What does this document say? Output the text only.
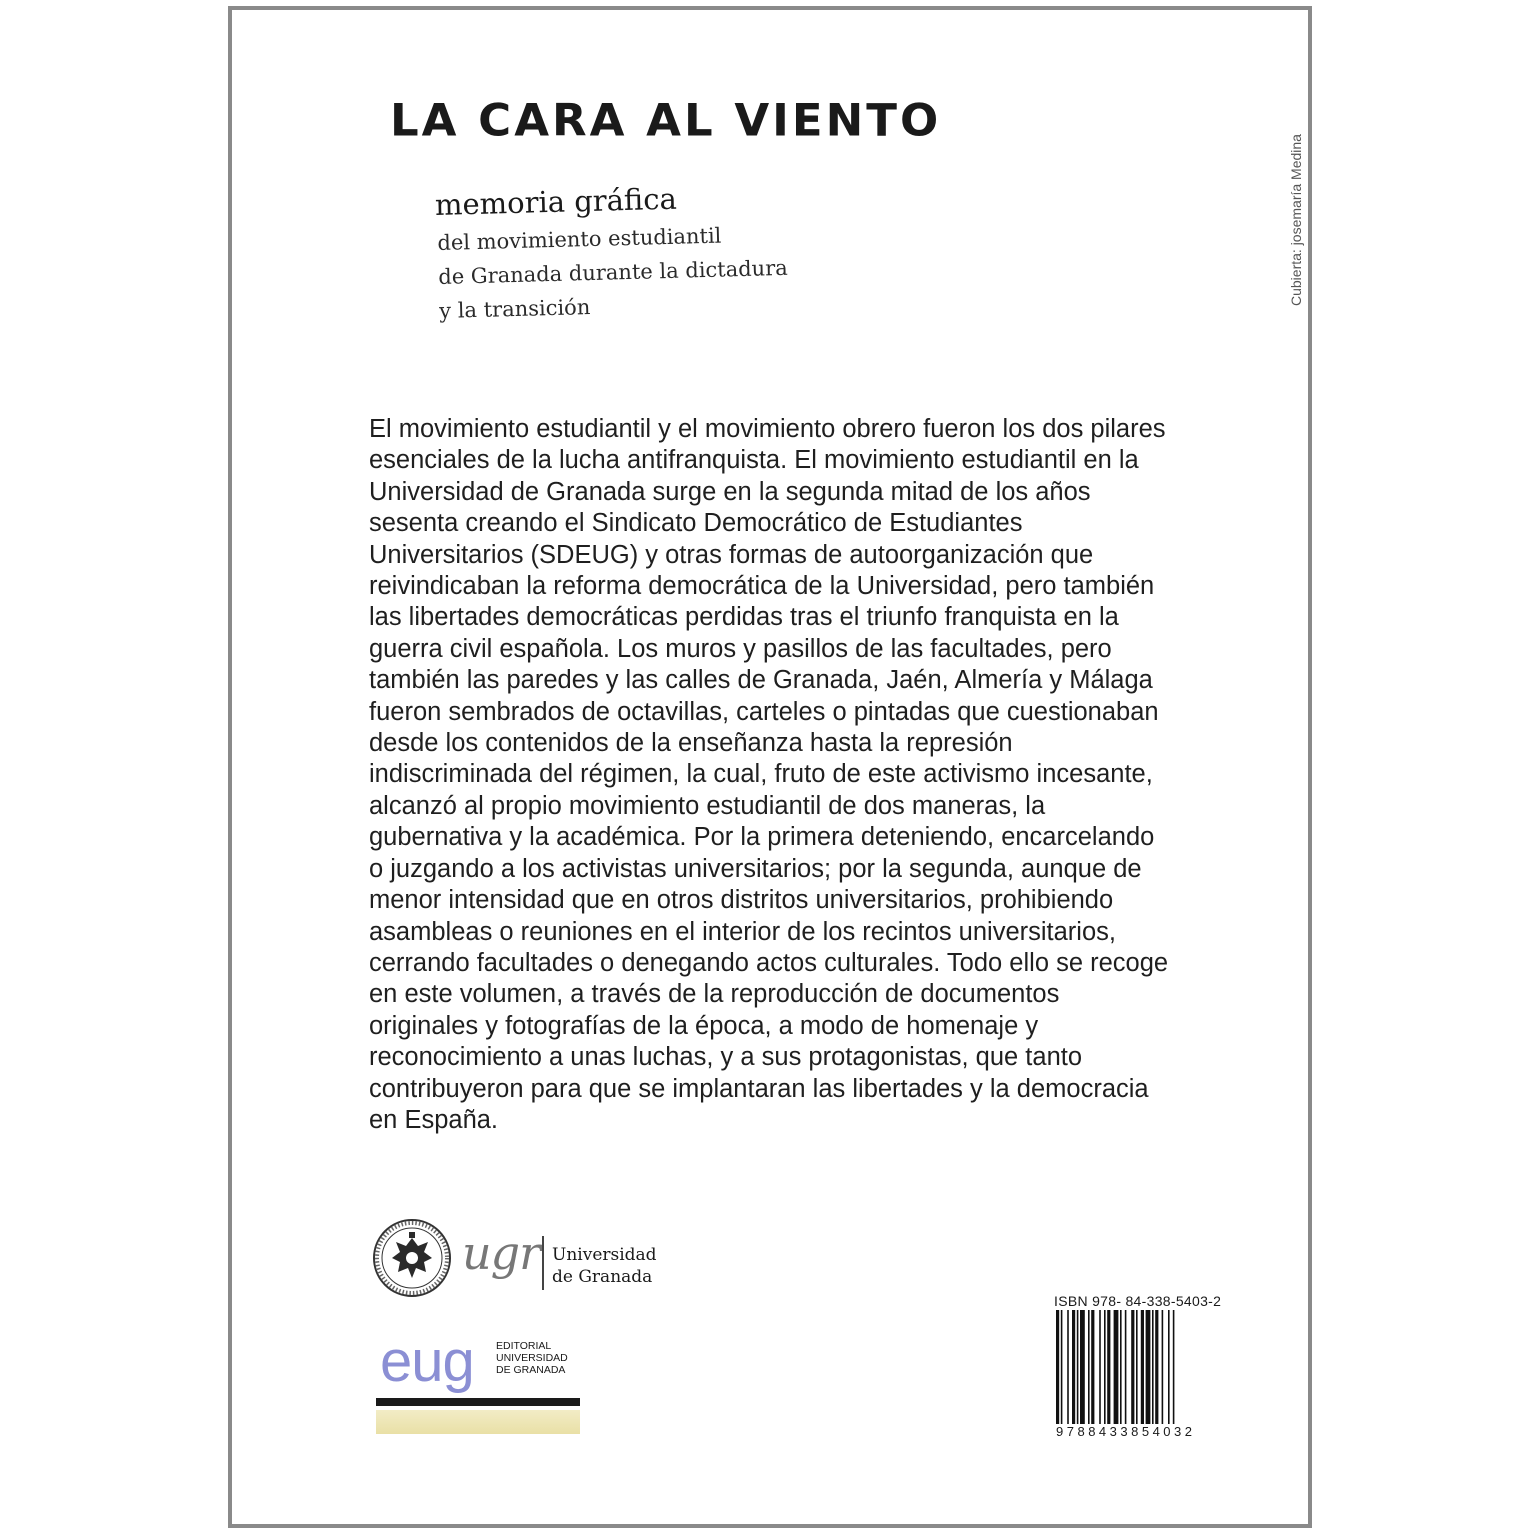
LA CARA AL VIENTO
memoria gráfica
del movimiento estudiantil
de Granada durante la dictadura
y la transición
Cubierta: josemaría Medina
El movimiento estudiantil y el movimiento obrero fueron los dos pilares
esenciales de la lucha antifranquista. El movimiento estudiantil en la
Universidad de Granada surge en la segunda mitad de los años
sesenta creando el Sindicato Democrático de Estudiantes
Universitarios (SDEUG) y otras formas de autoorganización que
reivindicaban la reforma democrática de la Universidad, pero también
las libertades democráticas perdidas tras el triunfo franquista en la
guerra civil española. Los muros y pasillos de las facultades, pero
también las paredes y las calles de Granada, Jaén, Almería y Málaga
fueron sembrados de octavillas, carteles o pintadas que cuestionaban
desde los contenidos de la enseñanza hasta la represión
indiscriminada del régimen, la cual, fruto de este activismo incesante,
alcanzó al propio movimiento estudiantil de dos maneras, la
gubernativa y la académica. Por la primera deteniendo, encarcelando
o juzgando a los activistas universitarios; por la segunda, aunque de
menor intensidad que en otros distritos universitarios, prohibiendo
asambleas o reuniones en el interior de los recintos universitarios,
cerrando facultades o denegando actos culturales. Todo ello se recoge
en este volumen, a través de la reproducción de documentos
originales y fotografías de la época, a modo de homenaje y
reconocimiento a unas luchas, y a sus protagonistas, que tanto
contribuyeron para que se implantaran las libertades y la democracia
en España.
ugr Universidad
de Granada
eug EDITORIAL
UNIVERSIDAD
DE GRANADA
ISBN 978- 84-338-5403-2
9788433854032
